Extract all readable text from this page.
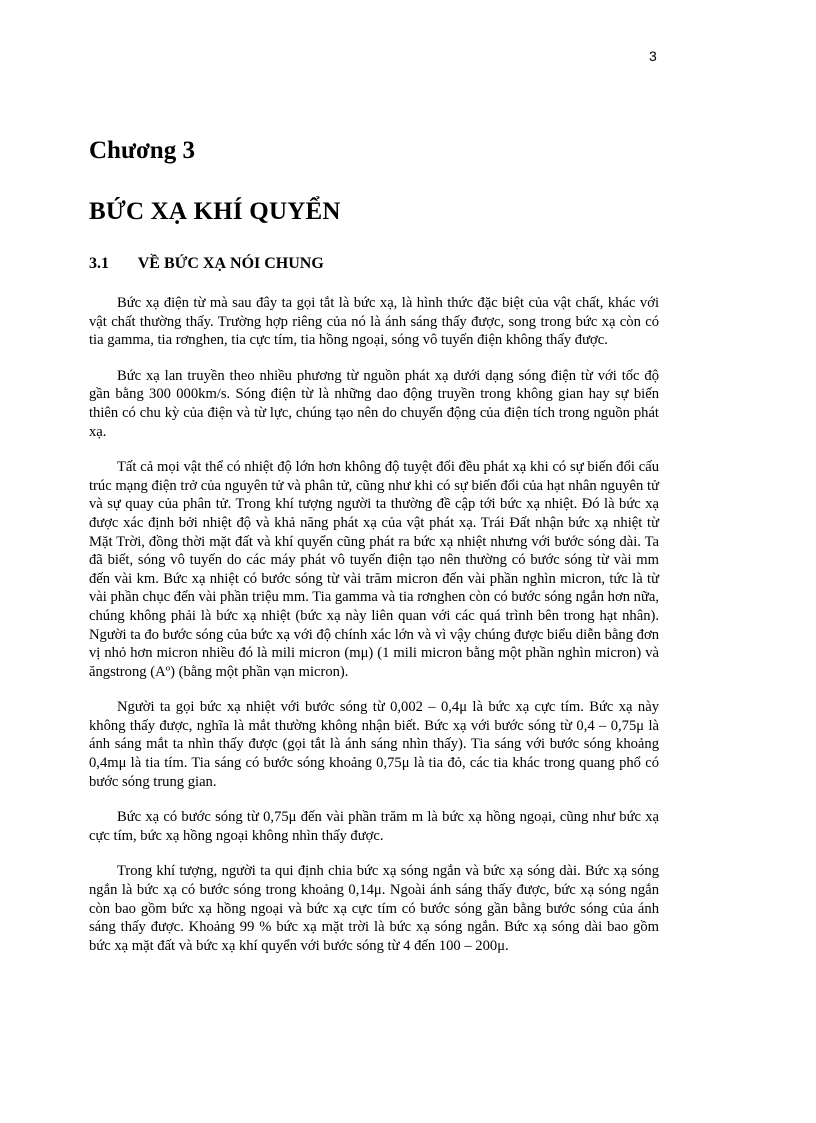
3
Chương 3
BỨC XẠ KHÍ QUYỂN
3.1 VỀ BỨC XẠ NÓI CHUNG

Bức xạ điện từ mà sau đây ta gọi tắt là bức xạ, là hình thức đặc biệt của vật chất, khác với vật chất thường thấy. Trường hợp riêng của nó là ánh sáng thấy được, song trong bức xạ còn có tia gamma, tia rơnghen, tia cực tím, tia hồng ngoại, sóng vô tuyến điện không thấy được.

Bức xạ lan truyền theo nhiều phương từ nguồn phát xạ dưới dạng sóng điện từ với tốc độ gần bằng 300 000km/s. Sóng điện từ là những dao động truyền trong không gian hay sự biến thiên có chu kỳ của điện và từ lực, chúng tạo nên do chuyển động của điện tích trong nguồn phát xạ.

Tất cả mọi vật thể có nhiệt độ lớn hơn không độ tuyệt đối đều phát xạ khi có sự biến đổi cấu trúc mạng điện trở của nguyên tử và phân tử, cũng như khi có sự biến đổi của hạt nhân nguyên tử và sự quay của phân tử. Trong khí tượng người ta thường đề cập tới bức xạ nhiệt. Đó là bức xạ được xác định bởi nhiệt độ và khả năng phát xạ của vật phát xạ. Trái Đất nhận bức xạ nhiệt từ Mặt Trời, đồng thời mặt đất và khí quyển cũng phát ra bức xạ nhiệt nhưng với bước sóng dài. Ta đã biết, sóng vô tuyến do các máy phát vô tuyến điện tạo nên thường có bước sóng từ vài mm đến vài km. Bức xạ nhiệt có bước sóng từ vài trăm micron đến vài phần nghìn micron, tức là từ vài phần chục đến vài phần triệu mm. Tia gamma và tia rơnghen còn có bước sóng ngắn hơn nữa, chúng không phải là bức xạ nhiệt (bức xạ này liên quan với các quá trình bên trong hạt nhân). Người ta đo bước sóng của bức xạ với độ chính xác lớn và vì vậy chúng được biểu diễn bằng đơn vị nhỏ hơn micron nhiều đó là mili micron (mμ) (1 mili micron bằng một phần nghìn micron) và ăngstrong (Aº) (bằng một phần vạn micron).

Người ta gọi bức xạ nhiệt với bước sóng từ 0,002 – 0,4μ là bức xạ cực tím. Bức xạ này không thấy được, nghĩa là mắt thường không nhận biết. Bức xạ với bước sóng từ 0,4 – 0,75μ là ánh sáng mắt ta nhìn thấy được (gọi tắt là ánh sáng nhìn thấy). Tia sáng với bước sóng khoảng 0,4mμ là tia tím. Tia sáng có bước sóng khoảng 0,75μ là tia đỏ, các tia khác trong quang phổ có bước sóng trung gian.

Bức xạ có bước sóng từ 0,75μ đến vài phần trăm m là bức xạ hồng ngoại, cũng như bức xạ cực tím, bức xạ hồng ngoại không nhìn thấy được.

Trong khí tượng, người ta qui định chia bức xạ sóng ngắn và bức xạ sóng dài. Bức xạ sóng ngắn là bức xạ có bước sóng trong khoảng 0,14μ. Ngoài ánh sáng thấy được, bức xạ sóng ngắn còn bao gồm bức xạ hồng ngoại và bức xạ cực tím có bước sóng gần bằng bước sóng của ánh sáng thấy được. Khoảng 99 % bức xạ mặt trời là bức xạ sóng ngắn. Bức xạ sóng dài bao gồm bức xạ mặt đất và bức xạ khí quyển với bước sóng từ 4 đến 100 – 200μ.
